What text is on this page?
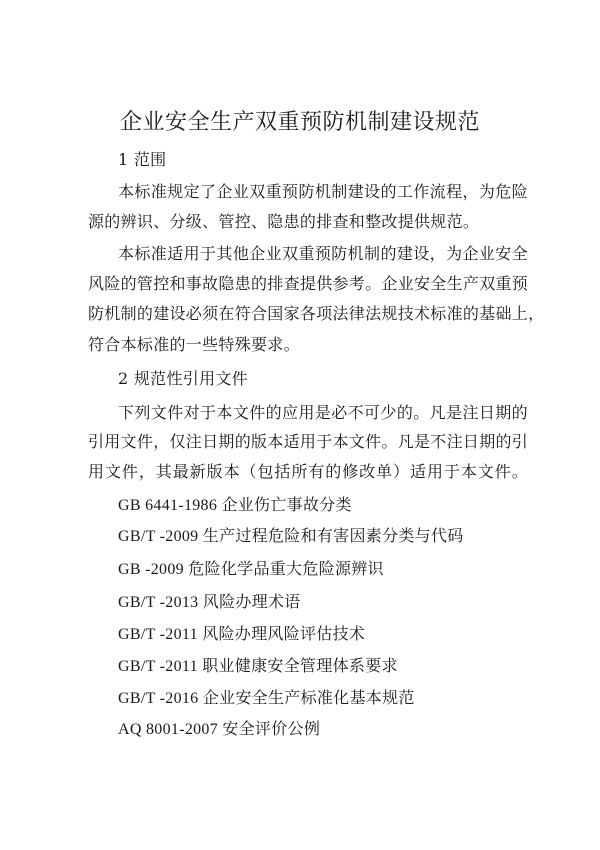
企业安全生产双重预防机制建设规范
1 范围
本标准规定了企业双重预防机制建设的工作流程，为危险
源的辨识、分级、管控、隐患的排查和整改提供规范。
本标准适用于其他企业双重预防机制的建设，为企业安全
风险的管控和事故隐患的排查提供参考。企业安全生产双重预
防机制的建设必须在符合国家各项法律法规技术标准的基础上，
符合本标准的一些特殊要求。
2 规范性引用文件
下列文件对于本文件的应用是必不可少的。凡是注日期的
引用文件，仅注日期的版本适用于本文件。凡是不注日期的引
用文件，其最新版本（包括所有的修改单）适用于本文件。
GB 6441-1986 企业伤亡事故分类
GB/T -2009 生产过程危险和有害因素分类与代码
GB -2009 危险化学品重大危险源辨识
GB/T -2013 风险办理术语
GB/T -2011 风险办理风险评估技术
GB/T -2011 职业健康安全管理体系要求
GB/T -2016 企业安全生产标准化基本规范
AQ 8001-2007 安全评价公例
